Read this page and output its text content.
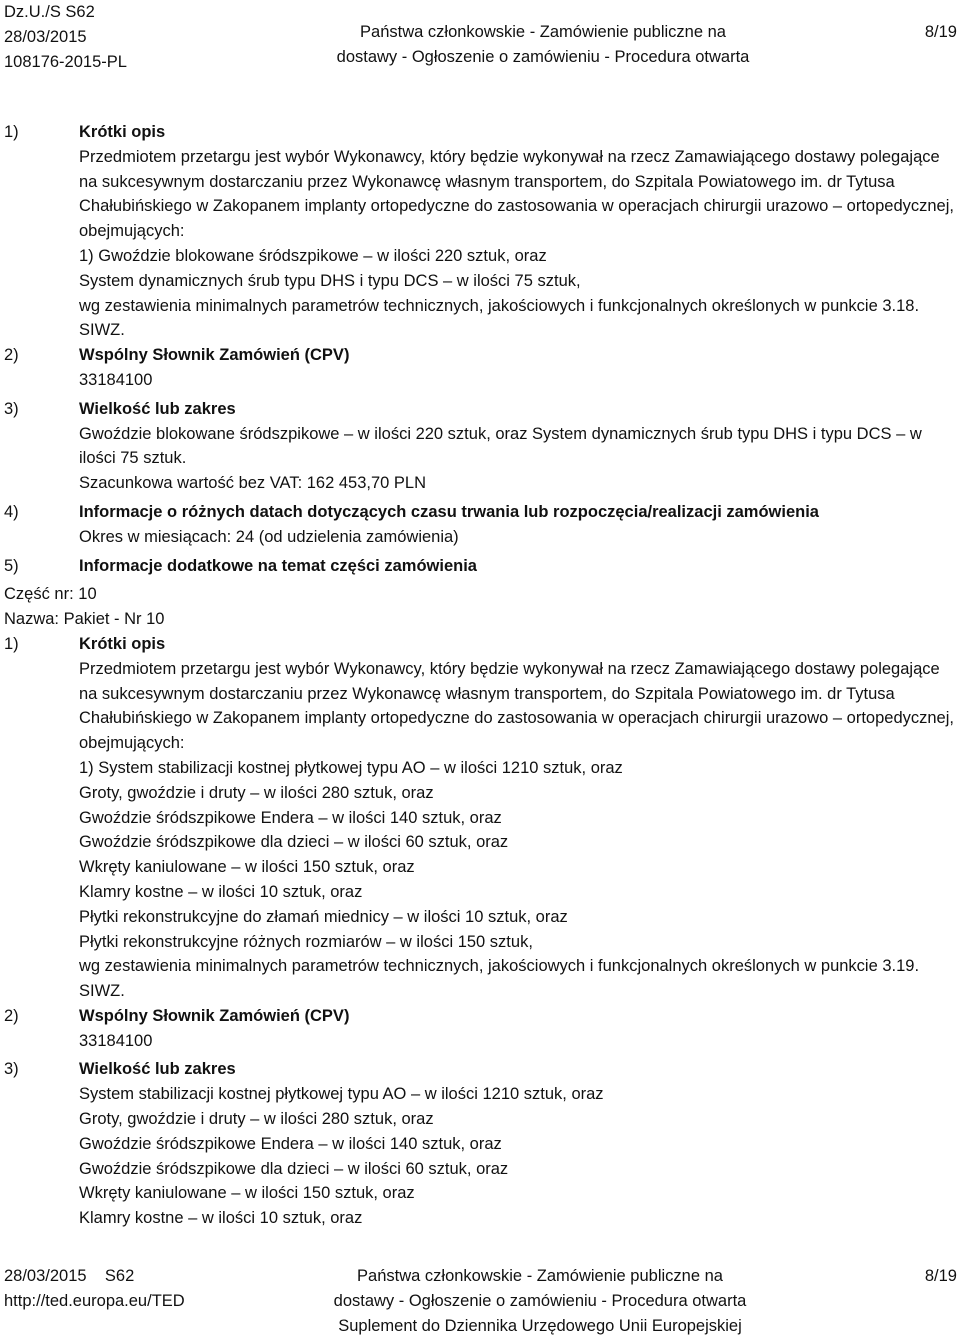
Dz.U./S S62
28/03/2015
108176-2015-PL
Państwa członkowskie - Zamówienie publiczne na
dostawy - Ogłoszenie o zamówieniu - Procedura otwarta
8/19
1)	Krótki opis
Przedmiotem przetargu jest wybór Wykonawcy, który będzie wykonywał na rzecz Zamawiającego dostawy polegające na sukcesywnym dostarczaniu przez Wykonawcę własnym transportem, do Szpitala Powiatowego im. dr Tytusa Chałubińskiego w Zakopanem implanty ortopedyczne do zastosowania w operacjach chirurgii urazowo – ortopedycznej, obejmujących:
1) Gwoździe blokowane śródszpikowe – w ilości 220 sztuk, oraz
System dynamicznych śrub typu DHS i typu DCS – w ilości 75 sztuk,
wg zestawienia minimalnych parametrów technicznych, jakościowych i funkcjonalnych określonych w punkcie 3.18. SIWZ.
2)	Wspólny Słownik Zamówień (CPV)
33184100
3)	Wielkość lub zakres
Gwoździe blokowane śródszpikowe – w ilości 220 sztuk, oraz System dynamicznych śrub typu DHS i typu DCS – w ilości 75 sztuk.
Szacunkowa wartość bez VAT: 162 453,70 PLN
4)	Informacje o różnych datach dotyczących czasu trwania lub rozpoczęcia/realizacji zamówienia
Okres w miesiącach: 24 (od udzielenia zamówienia)
5)	Informacje dodatkowe na temat części zamówienia
Część nr: 10
Nazwa: Pakiet - Nr 10
1)	Krótki opis
Przedmiotem przetargu jest wybór Wykonawcy, który będzie wykonywał na rzecz Zamawiającego dostawy polegające na sukcesywnym dostarczaniu przez Wykonawcę własnym transportem, do Szpitala Powiatowego im. dr Tytusa Chałubińskiego w Zakopanem implanty ortopedyczne do zastosowania w operacjach chirurgii urazowo – ortopedycznej, obejmujących:
1) System stabilizacji kostnej płytkowej typu AO – w ilości 1210 sztuk, oraz
Groty, gwoździe i druty – w ilości 280 sztuk, oraz
Gwoździe śródszpikowe Endera – w ilości 140 sztuk, oraz
Gwoździe śródszpikowe dla dzieci – w ilości 60 sztuk, oraz
Wkręty kaniulowane – w ilości 150 sztuk, oraz
Klamry kostne – w ilości 10 sztuk, oraz
Płytki rekonstrukcyjne do złamań miednicy – w ilości 10 sztuk, oraz
Płytki rekonstrukcyjne różnych rozmiarów – w ilości 150 sztuk,
wg zestawienia minimalnych parametrów technicznych, jakościowych i funkcjonalnych określonych w punkcie 3.19. SIWZ.
2)	Wspólny Słownik Zamówień (CPV)
33184100
3)	Wielkość lub zakres
System stabilizacji kostnej płytkowej typu AO – w ilości 1210 sztuk, oraz
Groty, gwoździe i druty – w ilości 280 sztuk, oraz
Gwoździe śródszpikowe Endera – w ilości 140 sztuk, oraz
Gwoździe śródszpikowe dla dzieci – w ilości 60 sztuk, oraz
Wkręty kaniulowane – w ilości 150 sztuk, oraz
Klamry kostne – w ilości 10 sztuk, oraz
28/03/2015    S62
http://ted.europa.eu/TED
Państwa członkowskie - Zamówienie publiczne na
dostawy - Ogłoszenie o zamówieniu - Procedura otwarta
Suplement do Dziennika Urzędowego Unii Europejskiej
8/19
